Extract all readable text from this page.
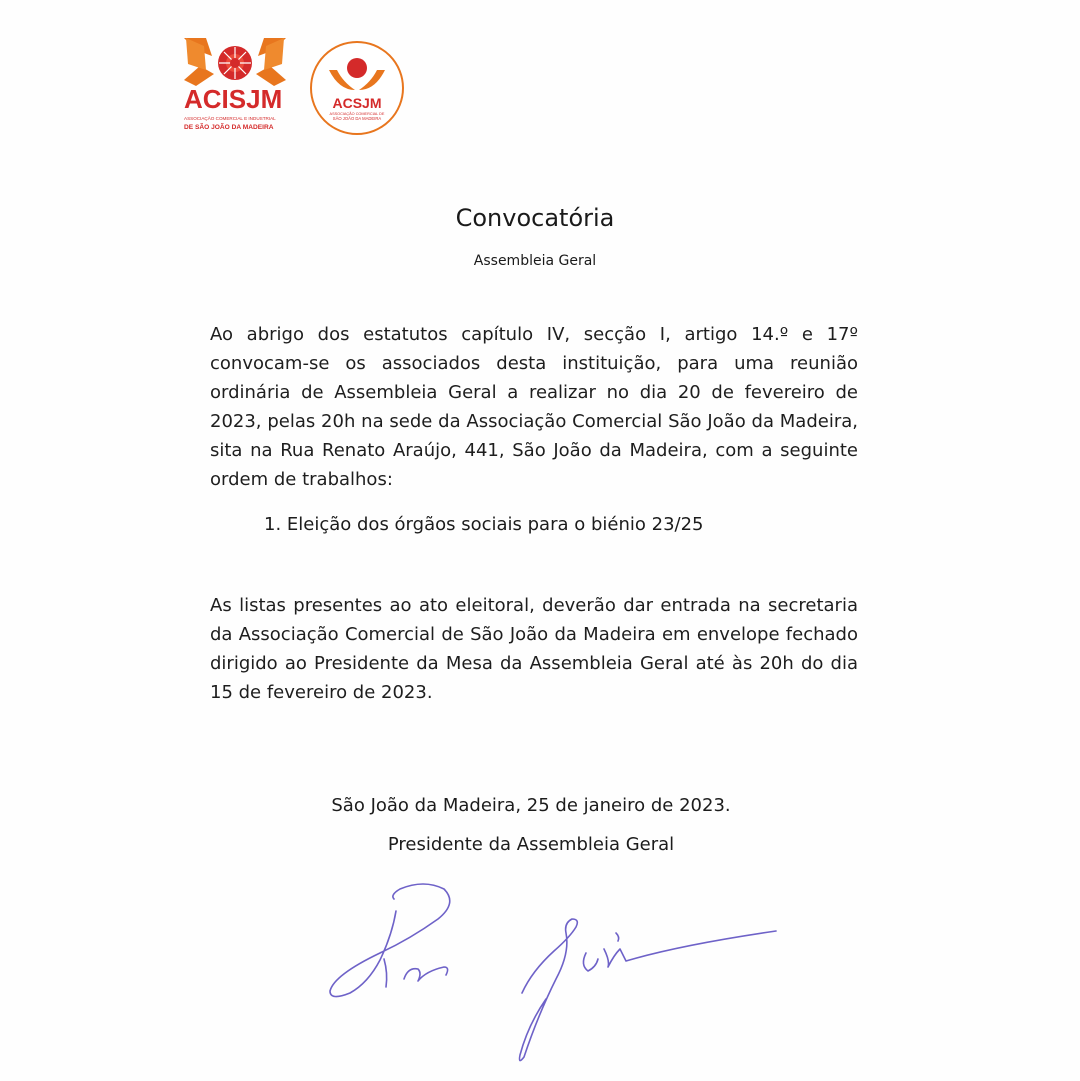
ACISJM
ASSOCIAÇÃO COMERCIAL E INDUSTRIAL
DE SÃO JOÃO DA MADEIRA
ACSJM
ASSOCIAÇÃO COMERCIAL DE
SÃO JOÃO DA MADEIRA
Convocatória
Assembleia Geral

Ao abrigo dos estatutos capítulo IV, secção I, artigo 14.º e 17º convocam-se os associados desta instituição, para uma reunião ordinária de Assembleia Geral a realizar no dia 20 de fevereiro de 2023, pelas 20h na sede da Associação Comercial São João da Madeira, sita na Rua Renato Araújo, 441, São João da Madeira, com a seguinte ordem de trabalhos:

1. Eleição dos órgãos sociais para o biénio 23/25

As listas presentes ao ato eleitoral, deverão dar entrada na secretaria da Associação Comercial de São João da Madeira em envelope fechado dirigido ao Presidente da Mesa da Assembleia Geral até às 20h do dia 15 de fevereiro de 2023.

São João da Madeira, 25 de janeiro de 2023.
Presidente da Assembleia Geral
